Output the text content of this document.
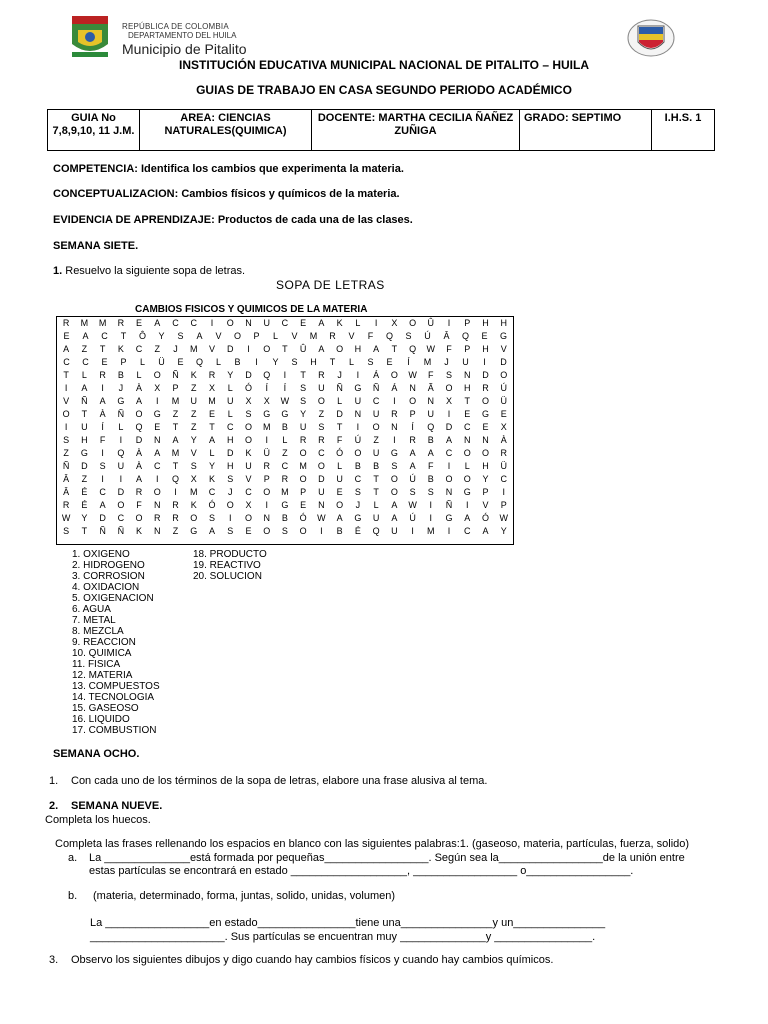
REPÚBLICA DE COLOMBIA
DEPARTAMENTO DEL HUILA
Municipio de Pitalito
INSTITUCIÓN EDUCATIVA MUNICIPAL NACIONAL DE PITALITO – HUILA
GUIAS DE TRABAJO EN CASA SEGUNDO PERIODO ACADÉMICO
GUIA No 7,8,9,10, 11 J.M.	AREA: CIENCIAS NATURALES(QUIMICA)	DOCENTE: MARTHA CECILIA ÑAÑEZ ZUÑIGA	GRADO: SEPTIMO	I.H.S. 1
COMPETENCIA: Identifica los cambios que experimenta la materia.
CONCEPTUALIZACION: Cambios físicos y químicos de la materia.
EVIDENCIA DE APRENDIZAJE: Productos de cada una de las clases.
SEMANA SIETE.
1. Resuelvo la siguiente sopa de letras.
SOPA DE LETRAS
CAMBIOS FISICOS Y QUIMICOS DE LA MATERIA
R	M	M	R	E	A	C	C	I	O	N	U	C	E	A	K	L	I	X	O	Û	I	P	H	H
E	A	C	T	Ô	Y	S	A	V	O	P	L	V	M	R	V	F	Q	S	Ú	Â	Q	E	G
A	Z	T	K	C	Z	J	M	V	D	I	O	T	Û	A	O	H	A	T	Q	W	F	P	H	V
C	C	E	P	L	Ü	E	Q	L	B	I	Y	S	H	T	L	S	E	Í	M	J	U	I	D
T	L	R	B	L	O	Ñ	K	R	Y	D	Q	I	T	R	J	I	Á	O	W	F	S	N	D	O
I	A	I	J	À	X	P	Z	X	L	Ó	Í	Í	S	U	Ñ	G	Ñ	Á	N	Ã	O	H	R	Ú
V	Ñ	A	G	A	I	M	U	M	U	X	X	W	S	O	L	U	C	I	O	N	X	T	O	Ü
O	T	À	Ñ	O	G	Z	Z	E	L	S	G	G	Y	Z	D	N	U	R	P	U	I	E	G	E
I	U	Í	L	Q	E	T	Z	T	C	O	M	B	U	S	T	I	O	N	Í	Q	D	C	E	X
S	H	F	I	D	N	A	Y	A	H	O	I	L	R	R	F	Ú	Z	I	R	B	A	N	N	À
Z	G	I	Q	À	A	M	V	L	D	K	Ü	Z	O	C	Ó	O	U	G	A	A	C	O	O	R
Ñ	D	S	U	À	C	T	S	Y	H	U	R	C	M	O	L	B	B	S	A	F	I	L	H	Ü
Â	Z	I	I	A	I	Q	X	K	S	V	P	R	O	D	U	C	T	O	Ú	B	O	O	Y	C
Â	É	C	D	R	O	I	M	C	J	C	O	M	P	U	E	S	T	O	S	S	N	G	P	I
R	É	A	O	F	N	R	K	Ó	O	X	I	G	E	N	O	J	L	A	W	I	Ñ	I	V	P
W	Y	D	C	O	R	R	O	S	I	O	N	B	Ó	W	A	G	U	A	Ú	I	G	A	Ó	W
S	T	Ñ	Ñ	K	N	Z	G	A	S	E	O	S	O	I	B	É	Q	U	I	M	I	C	A	Y
1. OXIGENO
2. HIDROGENO
3. CORROSION
4. OXIDACION
5. OXIGENACION
6. AGUA
7. METAL
8. MEZCLA
9. REACCION
10. QUIMICA
11. FISICA
12. MATERIA
13. COMPUESTOS
14. TECNOLOGIA
15. GASEOSO
16. LIQUIDO
17. COMBUSTION
18. PRODUCTO
19. REACTIVO
20. SOLUCION
SEMANA OCHO.
1. Con cada uno de los términos de la sopa de letras, elabore una frase alusiva al tema.
2. SEMANA NUEVE.
Completa los huecos.
Completa las frases rellenando los espacios en blanco con las siguientes palabras:1. (gaseoso, materia, partículas, fuerza, solido)
a. La ______________está formada por pequeñas_________________. Según sea la_________________de la unión entre
estas partículas se encontrará en estado ___________________, _________________ o_________________.
b. (materia, determinado, forma, juntas, solido, unidas, volumen)
La _________________en estado________________tiene una_______________y un_______________
______________________. Sus partículas se encuentran muy ______________y ________________.
3. Observo los siguientes dibujos y digo cuando hay cambios físicos y cuando hay cambios químicos.
